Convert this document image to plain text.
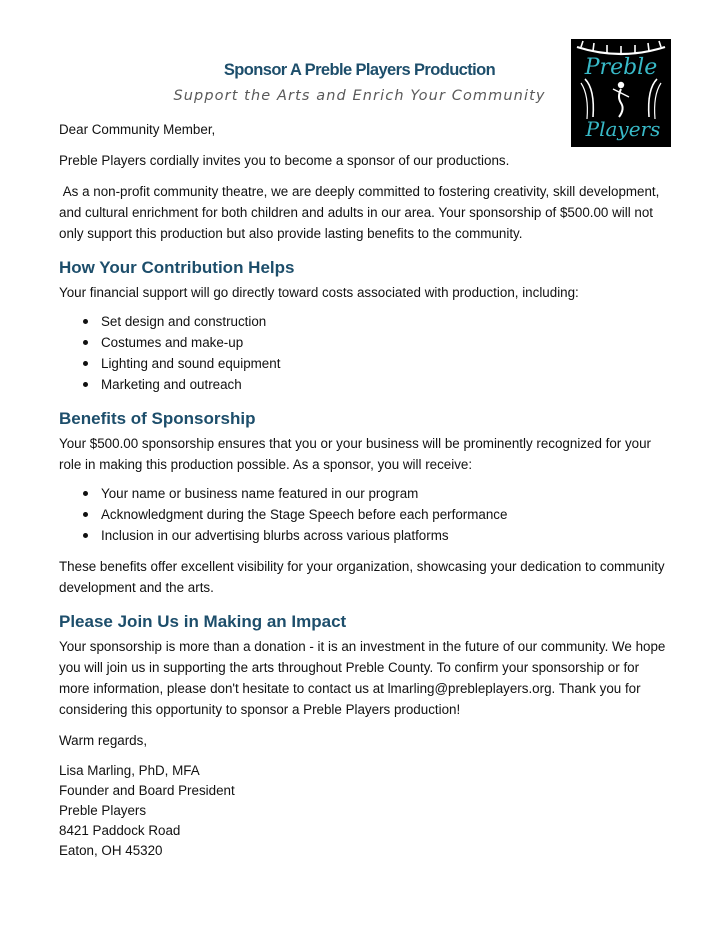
Preble
Players
Sponsor A Preble Players Production
Support the Arts and Enrich Your Community

Dear Community Member,

Preble Players cordially invites you to become a sponsor of our productions.

As a non-profit community theatre, we are deeply committed to fostering creativity, skill development, and cultural enrichment for both children and adults in our area. Your sponsorship of $500.00 will not only support this production but also provide lasting benefits to the community.

How Your Contribution Helps

Your financial support will go directly toward costs associated with production, including:

Set design and construction
Costumes and make-up
Lighting and sound equipment
Marketing and outreach
Benefits of Sponsorship

Your $500.00 sponsorship ensures that you or your business will be prominently recognized for your role in making this production possible. As a sponsor, you will receive:

Your name or business name featured in our program
Acknowledgment during the Stage Speech before each performance
Inclusion in our advertising blurbs across various platforms

These benefits offer excellent visibility for your organization, showcasing your dedication to community development and the arts.

Please Join Us in Making an Impact

Your sponsorship is more than a donation - it is an investment in the future of our community. We hope you will join us in supporting the arts throughout Preble County. To confirm your sponsorship or for more information, please don't hesitate to contact us at lmarling@prebleplayers.org. Thank you for considering this opportunity to sponsor a Preble Players production!

Warm regards,

Lisa Marling, PhD, MFA
Founder and Board President
Preble Players
8421 Paddock Road
Eaton, OH 45320
